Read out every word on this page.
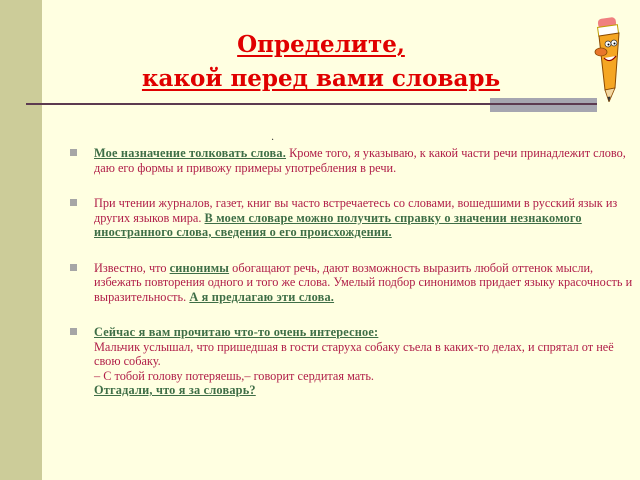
Определите,
какой перед вами словарь
.
Мое назначение толковать слова. Кроме того, я указываю, к какой части речи принадлежит слово, даю его формы и привожу примеры употребления в речи.
При чтении журналов, газет, книг вы часто встречаетесь со словами, вошедшими в русский язык из других языков мира. В моем словаре можно получить справку о значении незнакомого иностранного слова, сведения о его происхождении.
Известно, что синонимы обогащают речь, дают возможность выразить любой оттенок мысли, избежать повторения одного и того же слова. Умелый подбор синонимов придает языку красочность и выразительность. А я предлагаю эти слова.
Сейчас я вам прочитаю что-то очень интересное:
Мальчик услышал, что пришедшая в гости старуха собаку съела в каких-то делах, и спрятал от неё свою собаку.
– С тобой голову потеряешь,– говорит сердитая мать.
Отгадали, что я за словарь?
